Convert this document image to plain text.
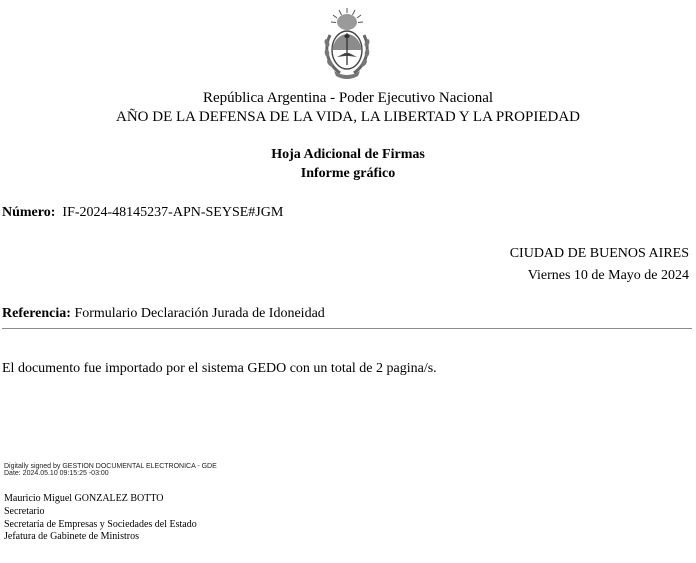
República Argentina - Poder Ejecutivo Nacional
AÑO DE LA DEFENSA DE LA VIDA, LA LIBERTAD Y LA PROPIEDAD
Hoja Adicional de Firmas
Informe gráfico
Número: IF-2024-48145237-APN-SEYSE#JGM
CIUDAD DE BUENOS AIRES
Viernes 10 de Mayo de 2024
Referencia: Formulario Declaración Jurada de Idoneidad
El documento fue importado por el sistema GEDO con un total de 2 pagina/s.
Digitally signed by GESTION DOCUMENTAL ELECTRONICA - GDE
Date: 2024.05.10 09:15:25 -03:00
Mauricio Miguel GONZALEZ BOTTO
Secretario
Secretaría de Empresas y Sociedades del Estado
Jefatura de Gabinete de Ministros
